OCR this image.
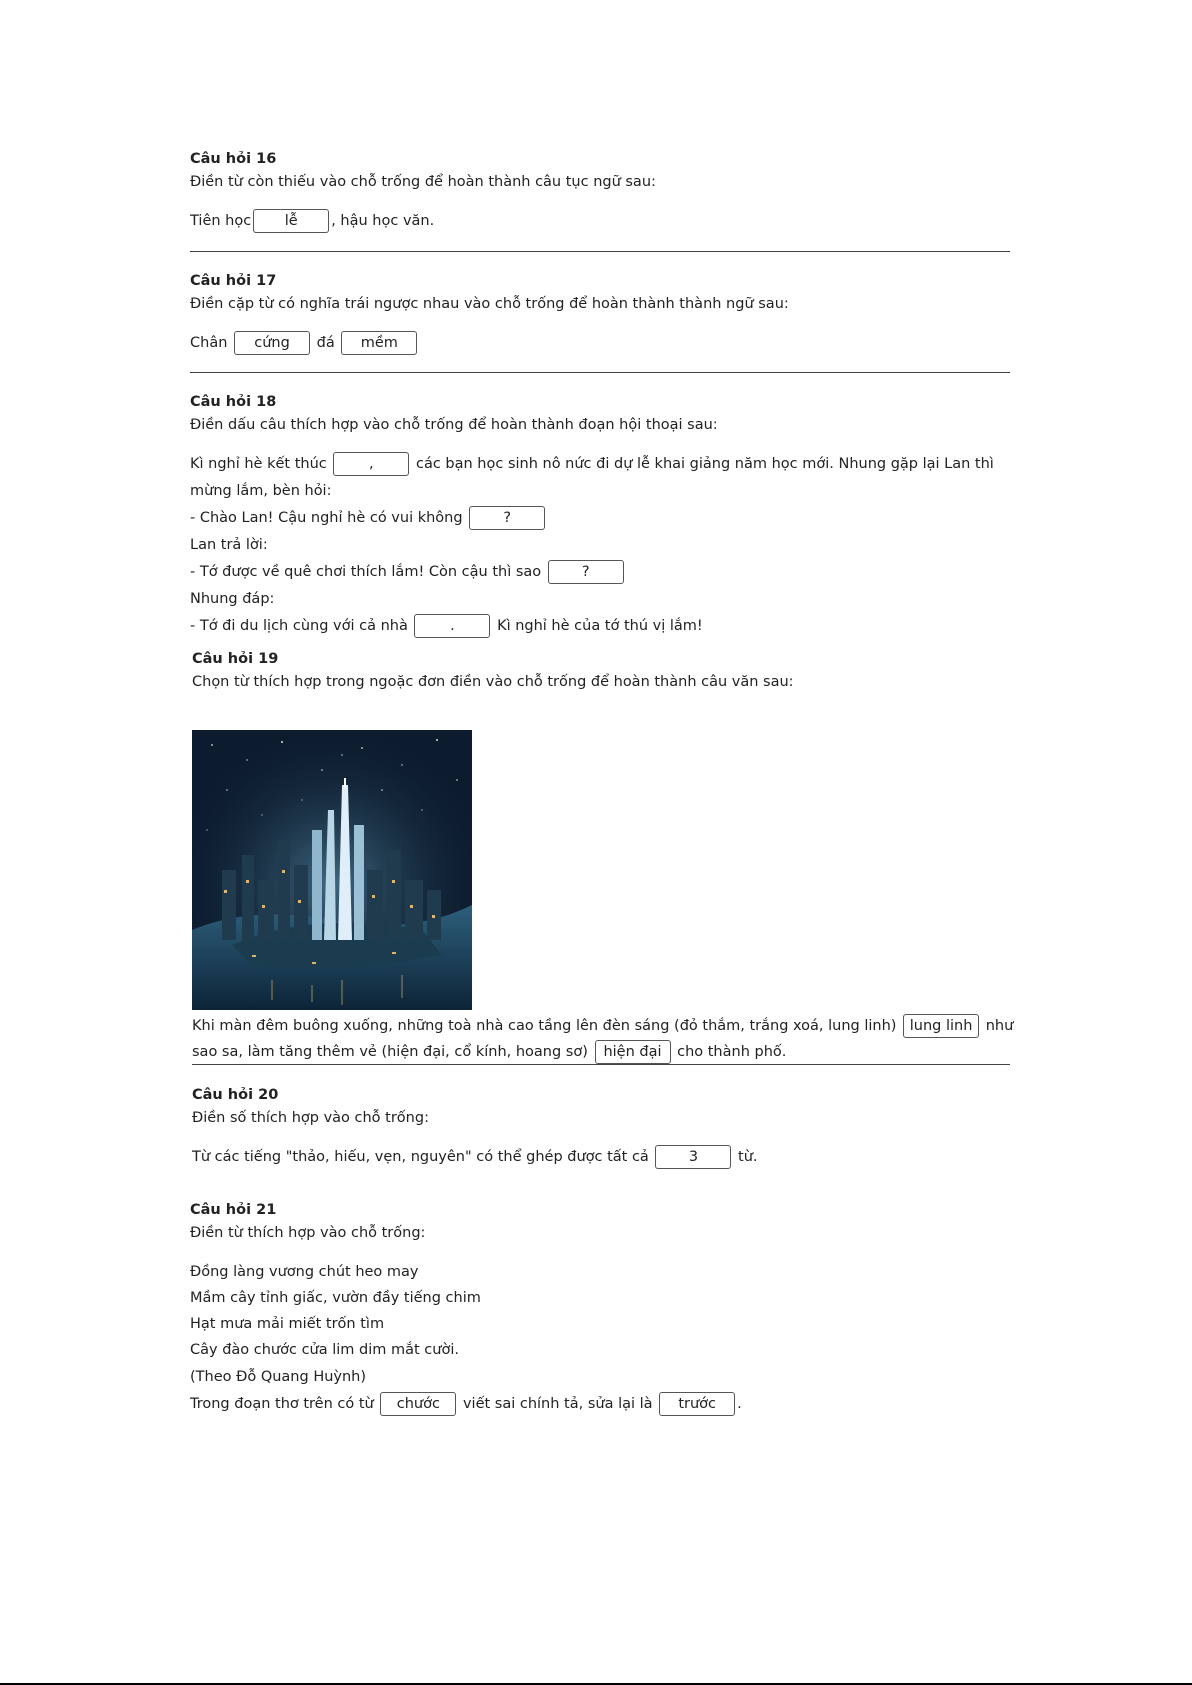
Câu hỏi 16
Điền từ còn thiếu vào chỗ trống để hoàn thành câu tục ngữ sau:
Tiên học lễ , hậu học văn.
Câu hỏi 17
Điền cặp từ có nghĩa trái ngược nhau vào chỗ trống để hoàn thành thành ngữ sau:
Chân cứng đá mềm
Câu hỏi 18
Điền dấu câu thích hợp vào chỗ trống để hoàn thành đoạn hội thoại sau:
Kì nghỉ hè kết thúc	,	các bạn học sinh nô nức đi dự lễ khai giảng năm học mới. Nhung gặp lại Lan thì
mừng lắm, bèn hỏi:
- Chào Lan! Cậu nghỉ hè có vui không	?
Lan trả lời:
- Tớ được về quê chơi thích lắm! Còn cậu thì sao	?
Nhung đáp:
- Tớ đi du lịch cùng với cả nhà	.	Kì nghỉ hè của tớ thú vị lắm!
Câu hỏi 19
Chọn từ thích hợp trong ngoặc đơn điền vào chỗ trống để hoàn thành câu văn sau:
Khi màn đêm buông xuống, những toà nhà cao tầng lên đèn sáng (đỏ thắm, trắng xoá, lung linh) lung linh như
sao sa, làm tăng thêm vẻ (hiện đại, cổ kính, hoang sơ) hiện đại cho thành phố.
Câu hỏi 20
Điền số thích hợp vào chỗ trống:
Từ các tiếng "thảo, hiếu, vẹn, nguyên" có thể ghép được tất cả	3	từ.
Câu hỏi 21
Điền từ thích hợp vào chỗ trống:
Đồng làng vương chút heo may
Mầm cây tỉnh giấc, vườn đầy tiếng chim
Hạt mưa mải miết trốn tìm
Cây đào chước cửa lim dim mắt cười.
(Theo Đỗ Quang Huỳnh)
Trong đoạn thơ trên có từ chước viết sai chính tả, sửa lại là trước .
